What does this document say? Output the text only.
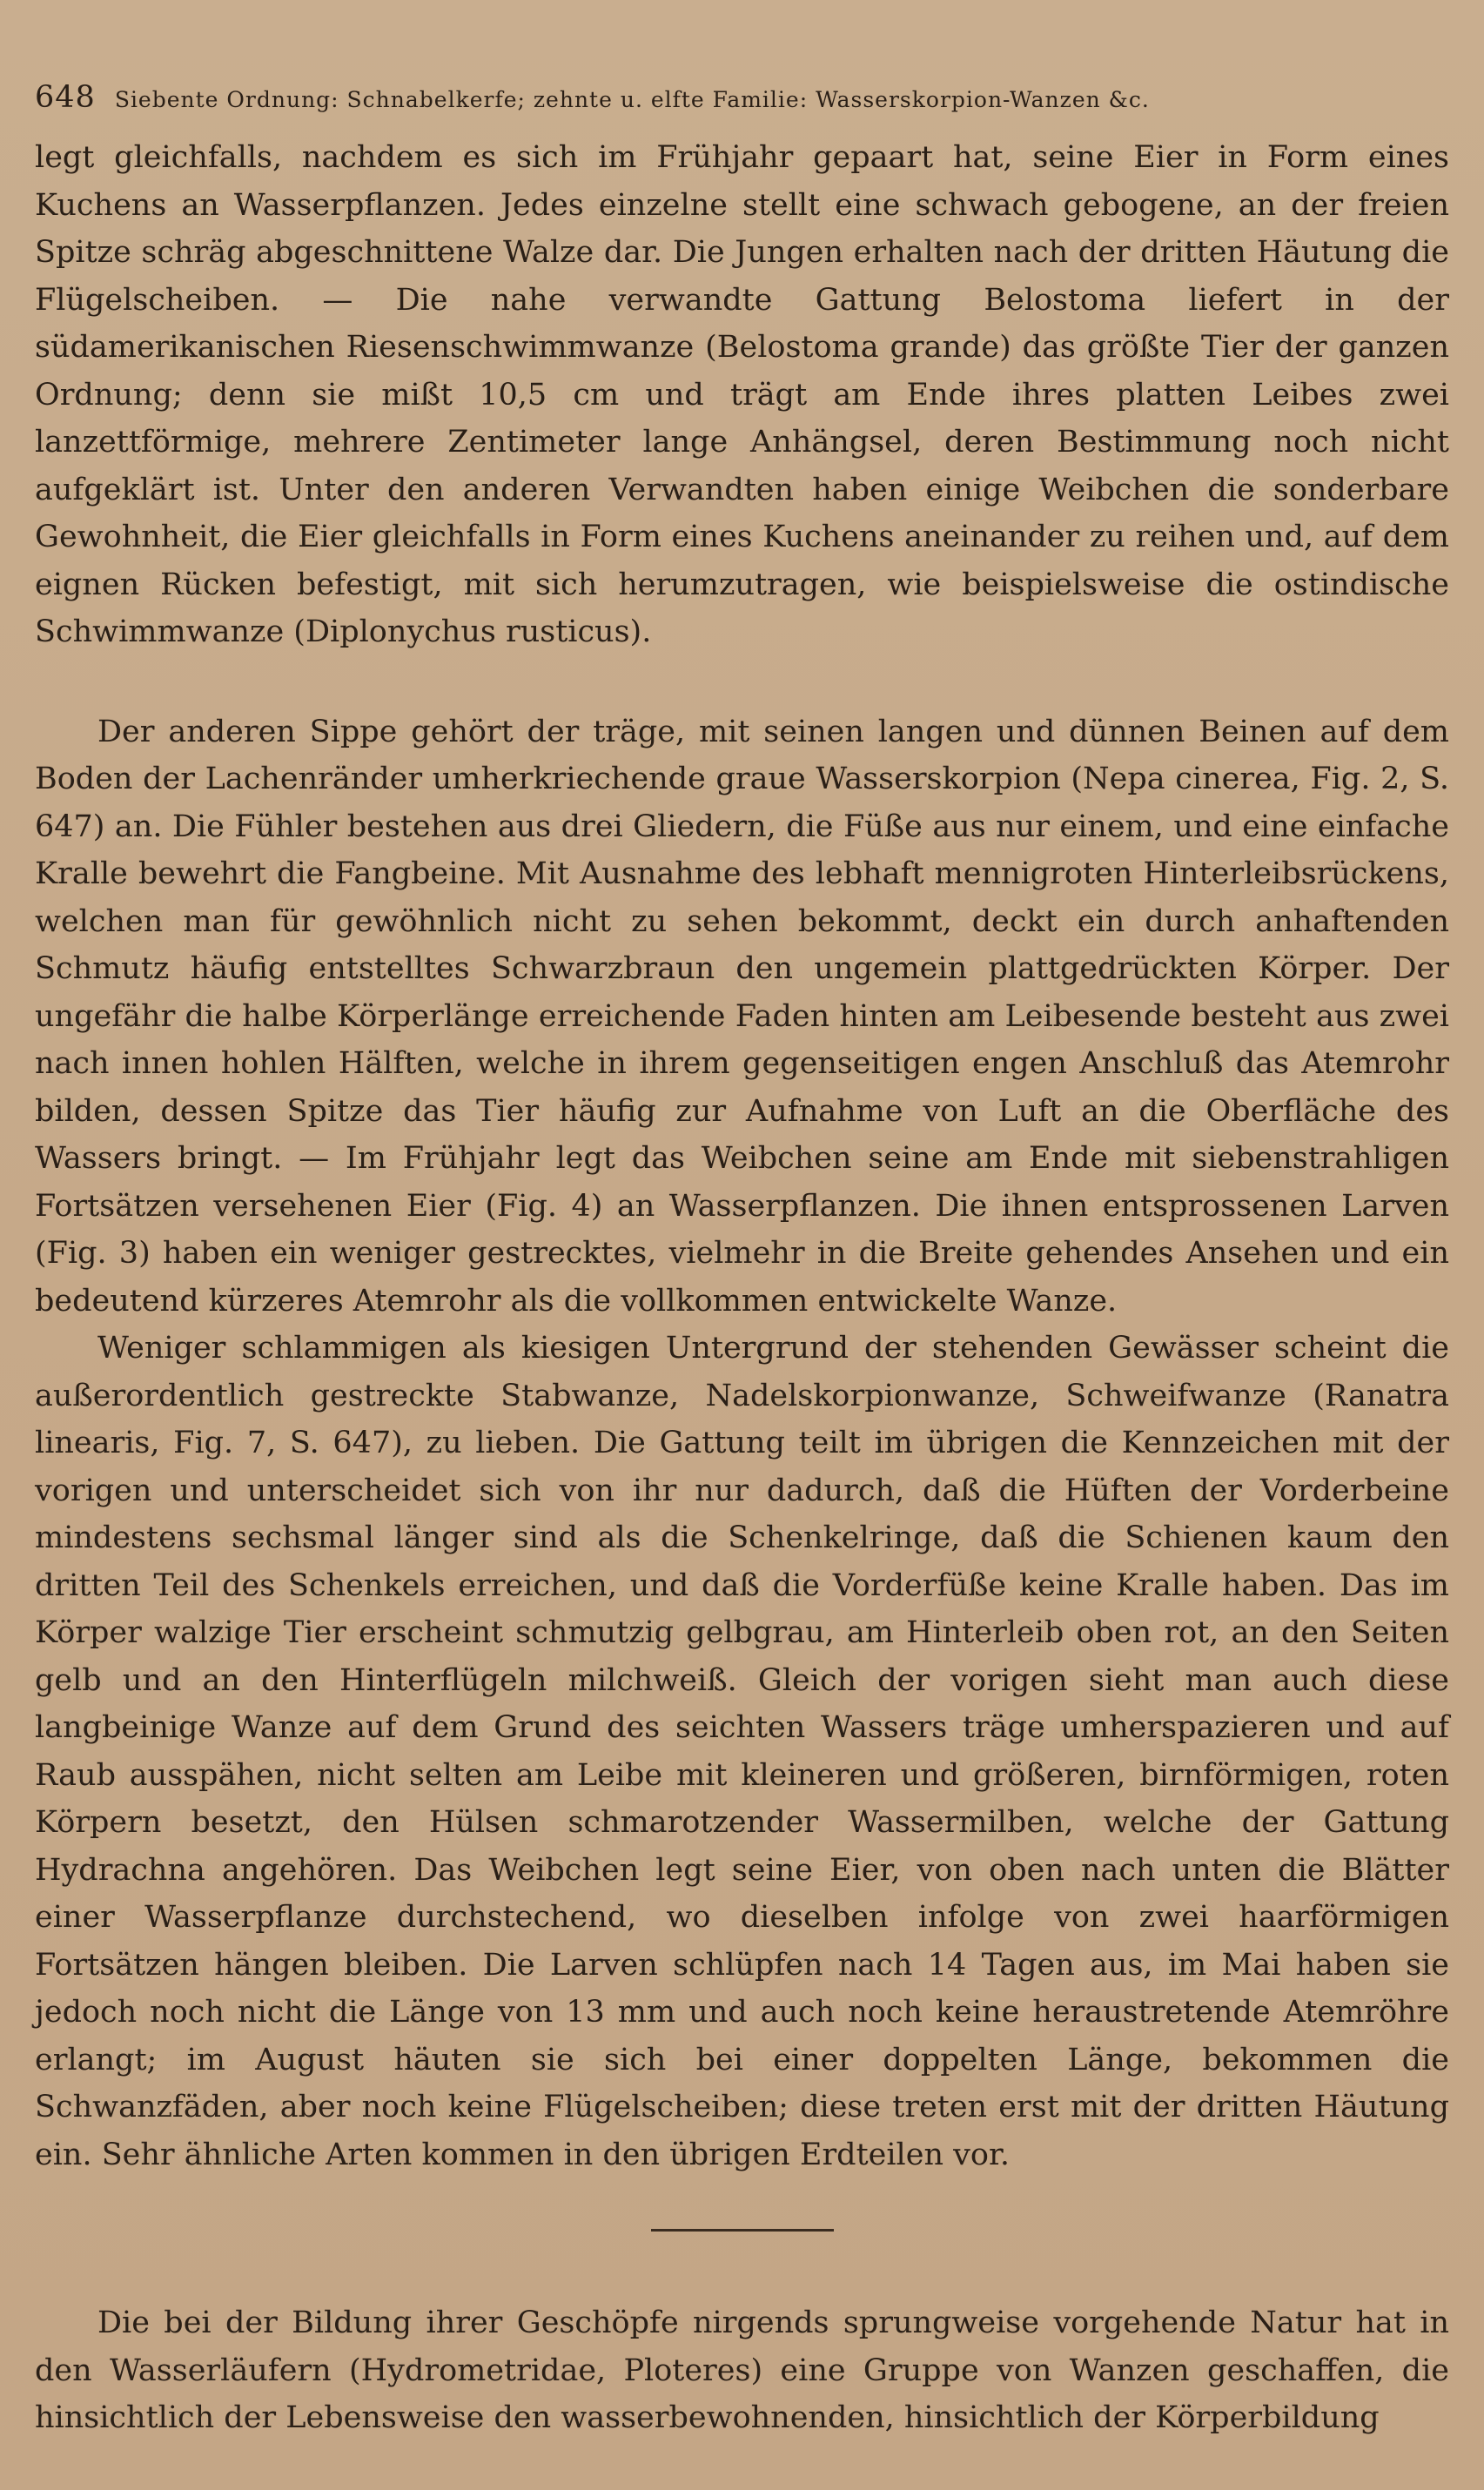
648 Siebente Ordnung: Schnabelkerfe; zehnte u. elfte Familie: Wasserskorpion-Wanzen &c.

legt gleichfalls, nachdem es sich im Frühjahr gepaart hat, seine Eier in Form eines Kuchens an Wasserpflanzen. Jedes einzelne stellt eine schwach gebogene, an der freien Spitze schräg abgeschnittene Walze dar. Die Jungen erhalten nach der dritten Häutung die Flügelscheiben. — Die nahe verwandte Gattung Belostoma liefert in der südamerikanischen Riesenschwimmwanze (Belostoma grande) das größte Tier der ganzen Ordnung; denn sie mißt 10,5 cm und trägt am Ende ihres platten Leibes zwei lanzettförmige, mehrere Zentimeter lange Anhängsel, deren Bestimmung noch nicht aufgeklärt ist. Unter den anderen Verwandten haben einige Weibchen die sonderbare Gewohnheit, die Eier gleichfalls in Form eines Kuchens aneinander zu reihen und, auf dem eignen Rücken befestigt, mit sich herumzutragen, wie beispielsweise die ostindische Schwimmwanze (Diplonychus rusticus).

Der anderen Sippe gehört der träge, mit seinen langen und dünnen Beinen auf dem Boden der Lachenränder umherkriechende graue Wasserskorpion (Nepa cinerea, Fig. 2, S. 647) an. Die Fühler bestehen aus drei Gliedern, die Füße aus nur einem, und eine einfache Kralle bewehrt die Fangbeine. Mit Ausnahme des lebhaft mennigroten Hinterleibsrückens, welchen man für gewöhnlich nicht zu sehen bekommt, deckt ein durch anhaftenden Schmutz häufig entstelltes Schwarzbraun den ungemein plattgedrückten Körper. Der ungefähr die halbe Körperlänge erreichende Faden hinten am Leibesende besteht aus zwei nach innen hohlen Hälften, welche in ihrem gegenseitigen engen Anschluß das Atemrohr bilden, dessen Spitze das Tier häufig zur Aufnahme von Luft an die Oberfläche des Wassers bringt. — Im Frühjahr legt das Weibchen seine am Ende mit siebenstrahligen Fortsätzen versehenen Eier (Fig. 4) an Wasserpflanzen. Die ihnen entsprossenen Larven (Fig. 3) haben ein weniger gestrecktes, vielmehr in die Breite gehendes Ansehen und ein bedeutend kürzeres Atemrohr als die vollkommen entwickelte Wanze.

Weniger schlammigen als kiesigen Untergrund der stehenden Gewässer scheint die außerordentlich gestreckte Stabwanze, Nadelskorpionwanze, Schweifwanze (Ranatra linearis, Fig. 7, S. 647), zu lieben. Die Gattung teilt im übrigen die Kennzeichen mit der vorigen und unterscheidet sich von ihr nur dadurch, daß die Hüften der Vorderbeine mindestens sechsmal länger sind als die Schenkelringe, daß die Schienen kaum den dritten Teil des Schenkels erreichen, und daß die Vorderfüße keine Kralle haben. Das im Körper walzige Tier erscheint schmutzig gelbgrau, am Hinterleib oben rot, an den Seiten gelb und an den Hinterflügeln milchweiß. Gleich der vorigen sieht man auch diese langbeinige Wanze auf dem Grund des seichten Wassers träge umherspazieren und auf Raub ausspähen, nicht selten am Leibe mit kleineren und größeren, birnförmigen, roten Körpern besetzt, den Hülsen schmarotzender Wassermilben, welche der Gattung Hydrachna angehören. Das Weibchen legt seine Eier, von oben nach unten die Blätter einer Wasserpflanze durchstechend, wo dieselben infolge von zwei haarförmigen Fortsätzen hängen bleiben. Die Larven schlüpfen nach 14 Tagen aus, im Mai haben sie jedoch noch nicht die Länge von 13 mm und auch noch keine heraustretende Atemröhre erlangt; im August häuten sie sich bei einer doppelten Länge, bekommen die Schwanzfäden, aber noch keine Flügelscheiben; diese treten erst mit der dritten Häutung ein. Sehr ähnliche Arten kommen in den übrigen Erdteilen vor.

Die bei der Bildung ihrer Geschöpfe nirgends sprungweise vorgehende Natur hat in den Wasserläufern (Hydrometridae, Ploteres) eine Gruppe von Wanzen geschaffen, die hinsichtlich der Lebensweise den wasserbewohnenden, hinsichtlich der Körperbildung
